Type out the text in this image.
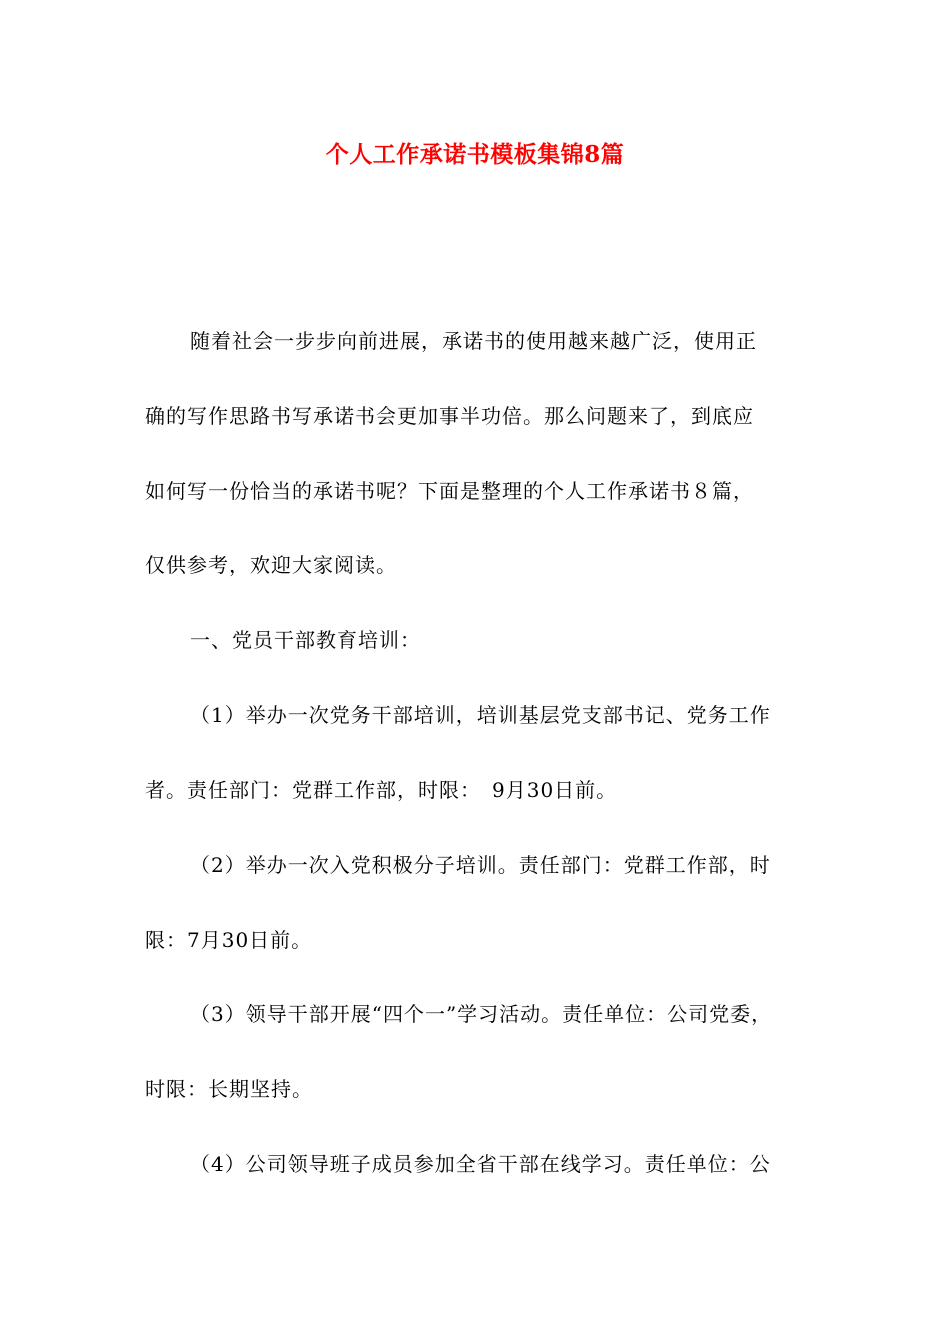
个人工作承诺书模板集锦8篇
随着社会一步步向前进展，承诺书的使用越来越广泛，使用正
确的写作思路书写承诺书会更加事半功倍。那么问题来了，到底应
如何写一份恰当的承诺书呢？下面是整理的个人工作承诺书８篇，
仅供参考，欢迎大家阅读。
一、党员干部教育培训：
（1）举办一次党务干部培训，培训基层党支部书记、党务工作
者。责任部门：党群工作部，时限：　9月30日前。
（2）举办一次入党积极分子培训。责任部门：党群工作部，时
限：7月30日前。
（3）领导干部开展“四个一”学习活动。责任单位：公司党委，
时限：长期坚持。
（4）公司领导班子成员参加全省干部在线学习。责任单位：公
